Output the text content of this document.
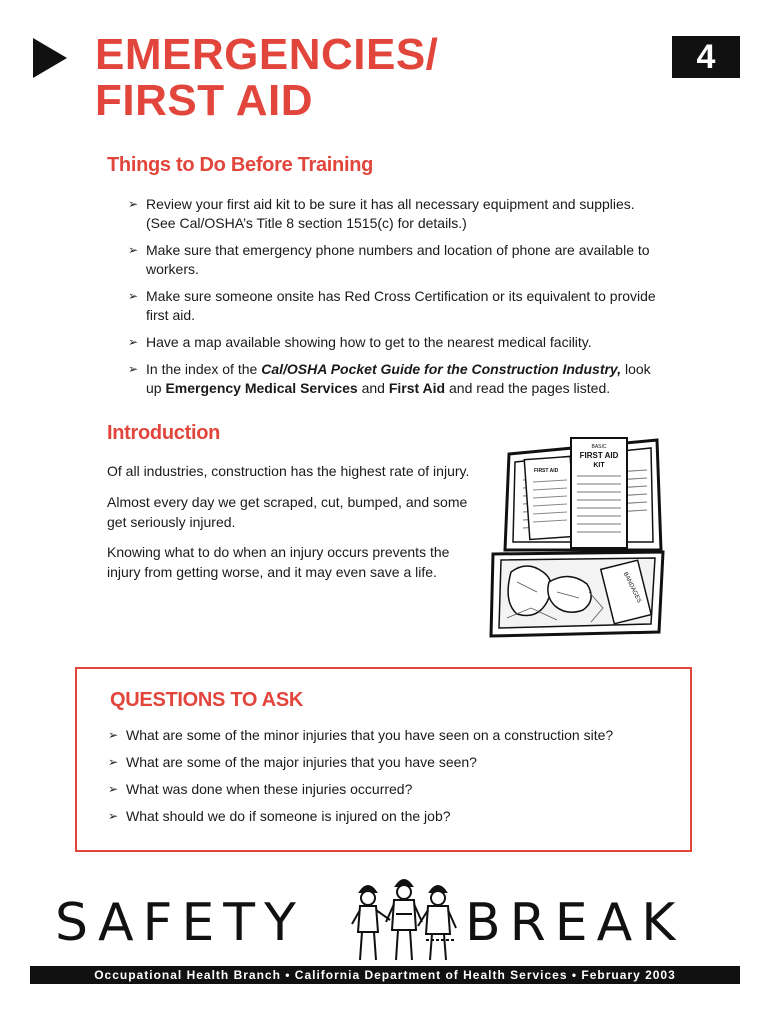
EMERGENCIES/
FIRST AID
4
Things to Do Before Training
➢ Review your first aid kit to be sure it has all necessary equipment and supplies. (See Cal/OSHA’s Title 8 section 1515(c) for details.)
➢ Make sure that emergency phone numbers and location of phone are available to workers.
➢ Make sure someone onsite has Red Cross Certification or its equivalent to provide first aid.
➢ Have a map available showing how to get to the nearest medical facility.
➢ In the index of the Cal/OSHA Pocket Guide for the Construction Industry, look up Emergency Medical Services and First Aid and read the pages listed.
Introduction

Of all industries, construction has the highest rate of injury.

Almost every day we get scraped, cut, bumped, and some get seriously injured.

Knowing what to do when an injury occurs prevents the injury from getting worse, and it may even save a life.

FIRST AID
BASIC
FIRST AID
KIT
BANDAGES
QUESTIONS TO ASK
➢ What are some of the minor injuries that you have seen on a construction site?
➢ What are some of the major injuries that you have seen?
➢ What was done when these injuries occurred?
➢ What should we do if someone is injured on the job?
SAFETY	BREAK
Occupational Health Branch • California Department of Health Services • February 2003
